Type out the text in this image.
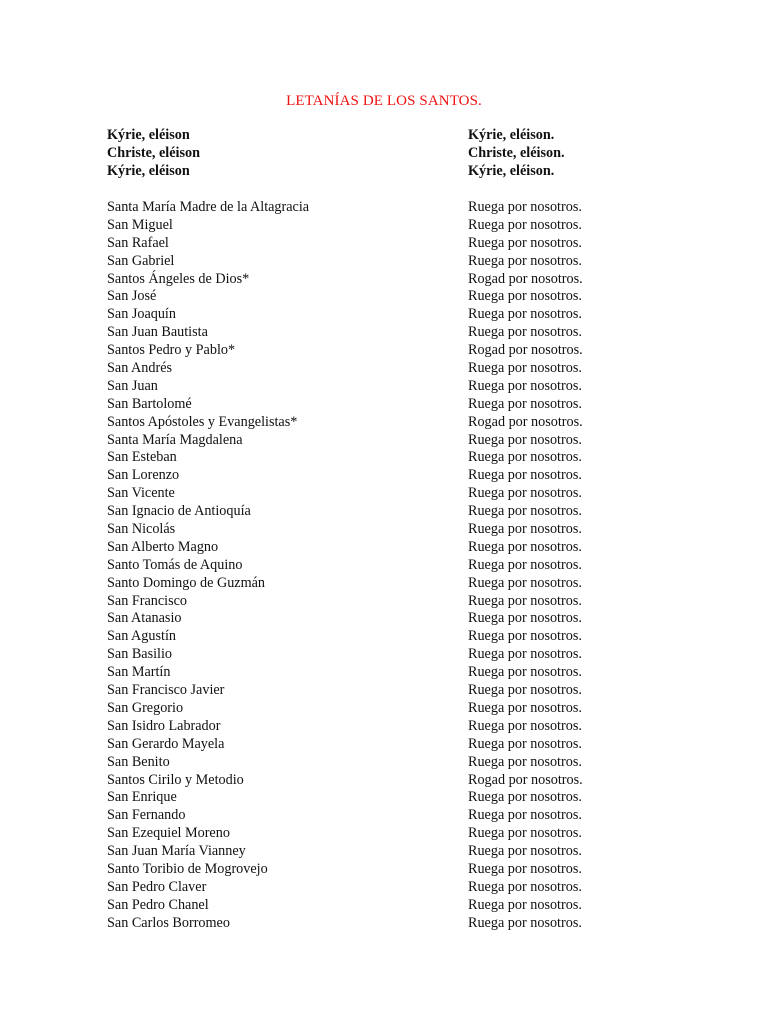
LETANÍAS DE LOS SANTOS.
Kýrie, eléison	Kýrie, eléison.
Christe, eléison	Christe, eléison.
Kýrie, eléison	Kýrie, eléison.
Santa María Madre de la Altagracia	Ruega por nosotros.
San Miguel	Ruega por nosotros.
San Rafael	Ruega por nosotros.
San Gabriel	Ruega por nosotros.
Santos Ángeles de Dios*	Rogad por nosotros.
San José	Ruega por nosotros.
San Joaquín	Ruega por nosotros.
San Juan Bautista	Ruega por nosotros.
Santos Pedro y Pablo*	Rogad por nosotros.
San Andrés	Ruega por nosotros.
San Juan	Ruega por nosotros.
San Bartolomé	Ruega por nosotros.
Santos Apóstoles y Evangelistas*	Rogad por nosotros.
Santa María Magdalena	Ruega por nosotros.
San Esteban	Ruega por nosotros.
San Lorenzo	Ruega por nosotros.
San Vicente	Ruega por nosotros.
San Ignacio de Antioquía	Ruega por nosotros.
San Nicolás	Ruega por nosotros.
San Alberto Magno	Ruega por nosotros.
Santo Tomás de Aquino	Ruega por nosotros.
Santo Domingo de Guzmán	Ruega por nosotros.
San Francisco	Ruega por nosotros.
San Atanasio	Ruega por nosotros.
San Agustín	Ruega por nosotros.
San Basilio	Ruega por nosotros.
San Martín	Ruega por nosotros.
San Francisco Javier	Ruega por nosotros.
San Gregorio	Ruega por nosotros.
San Isidro Labrador	Ruega por nosotros.
San Gerardo Mayela	Ruega por nosotros.
San Benito	Ruega por nosotros.
Santos Cirilo y Metodio	Rogad por nosotros.
San Enrique	Ruega por nosotros.
San Fernando	Ruega por nosotros.
San Ezequiel Moreno	Ruega por nosotros.
San Juan María Vianney	Ruega por nosotros.
Santo Toribio de Mogrovejo	Ruega por nosotros.
San Pedro Claver	Ruega por nosotros.
San Pedro Chanel	Ruega por nosotros.
San Carlos Borromeo	Ruega por nosotros.
